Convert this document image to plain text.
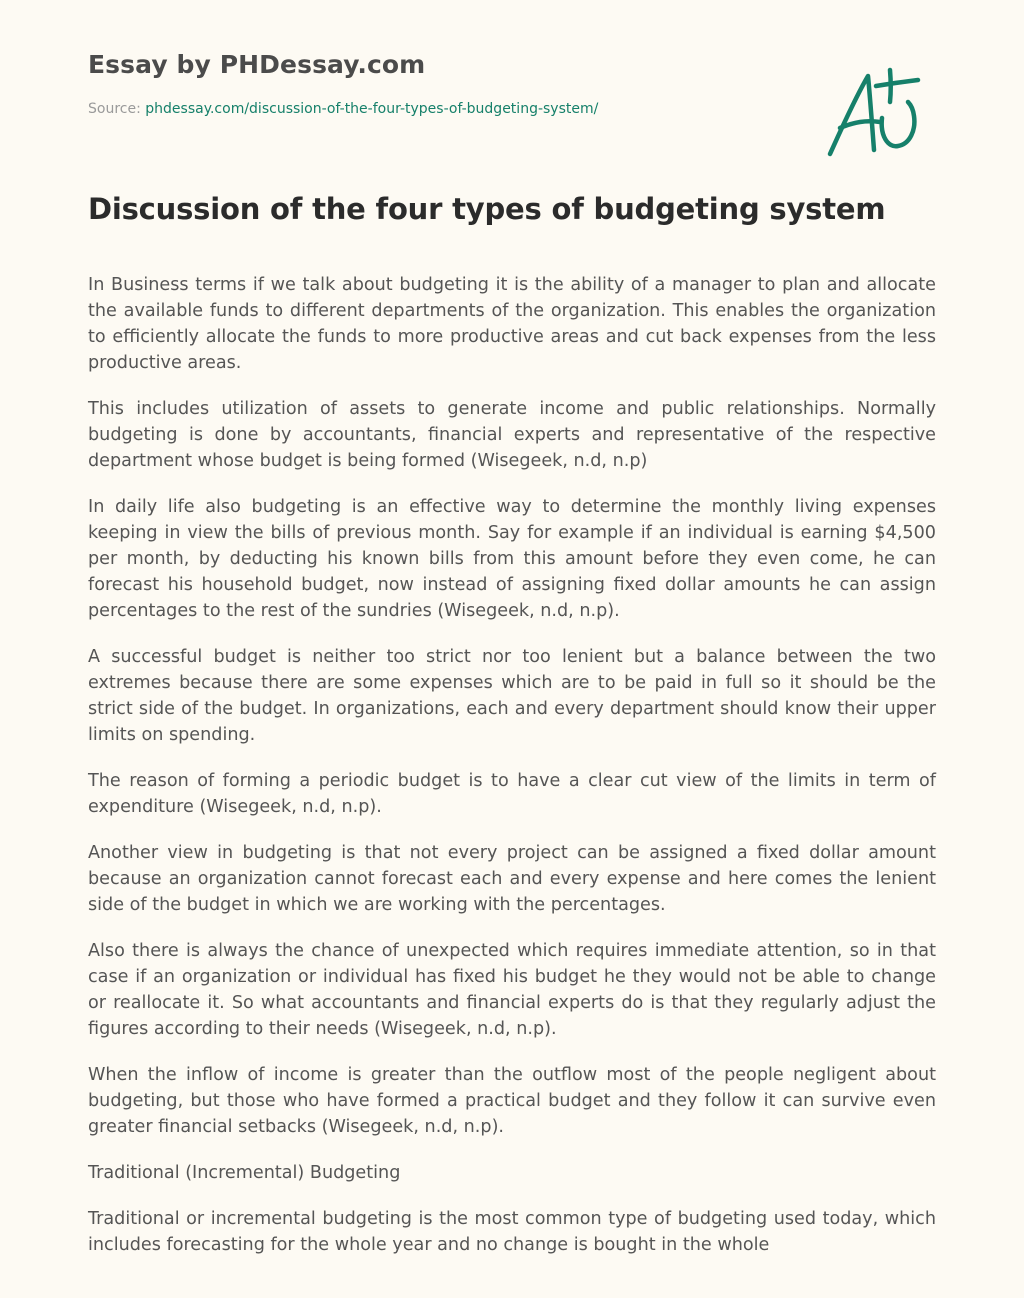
Essay by PHDessay.com
Source: phdessay.com/discussion-of-the-four-types-of-budgeting-system/
Discussion of the four types of budgeting system

In Business terms if we talk about budgeting it is the ability of a manager to plan and allocate the available funds to different departments of the organization. This enables the organization to efficiently allocate the funds to more productive areas and cut back expenses from the less productive areas.

This includes utilization of assets to generate income and public relationships. Normally budgeting is done by accountants, financial experts and representative of the respective department whose budget is being formed (Wisegeek, n.d, n.p)

In daily life also budgeting is an effective way to determine the monthly living expenses keeping in view the bills of previous month. Say for example if an individual is earning $4,500 per month, by deducting his known bills from this amount before they even come, he can forecast his household budget, now instead of assigning fixed dollar amounts he can assign percentages to the rest of the sundries (Wisegeek, n.d, n.p).

A successful budget is neither too strict nor too lenient but a balance between the two extremes because there are some expenses which are to be paid in full so it should be the strict side of the budget. In organizations, each and every department should know their upper limits on spending.

The reason of forming a periodic budget is to have a clear cut view of the limits in term of expenditure (Wisegeek, n.d, n.p).

Another view in budgeting is that not every project can be assigned a fixed dollar amount because an organization cannot forecast each and every expense and here comes the lenient side of the budget in which we are working with the percentages.

Also there is always the chance of unexpected which requires immediate attention, so in that case if an organization or individual has fixed his budget he they would not be able to change or reallocate it. So what accountants and financial experts do is that they regularly adjust the figures according to their needs (Wisegeek, n.d, n.p).

When the inflow of income is greater than the outflow most of the people negligent about budgeting, but those who have formed a practical budget and they follow it can survive even greater financial setbacks (Wisegeek, n.d, n.p).

Traditional (Incremental) Budgeting

Traditional or incremental budgeting is the most common type of budgeting used today, which includes forecasting for the whole year and no change is bought in the whole
